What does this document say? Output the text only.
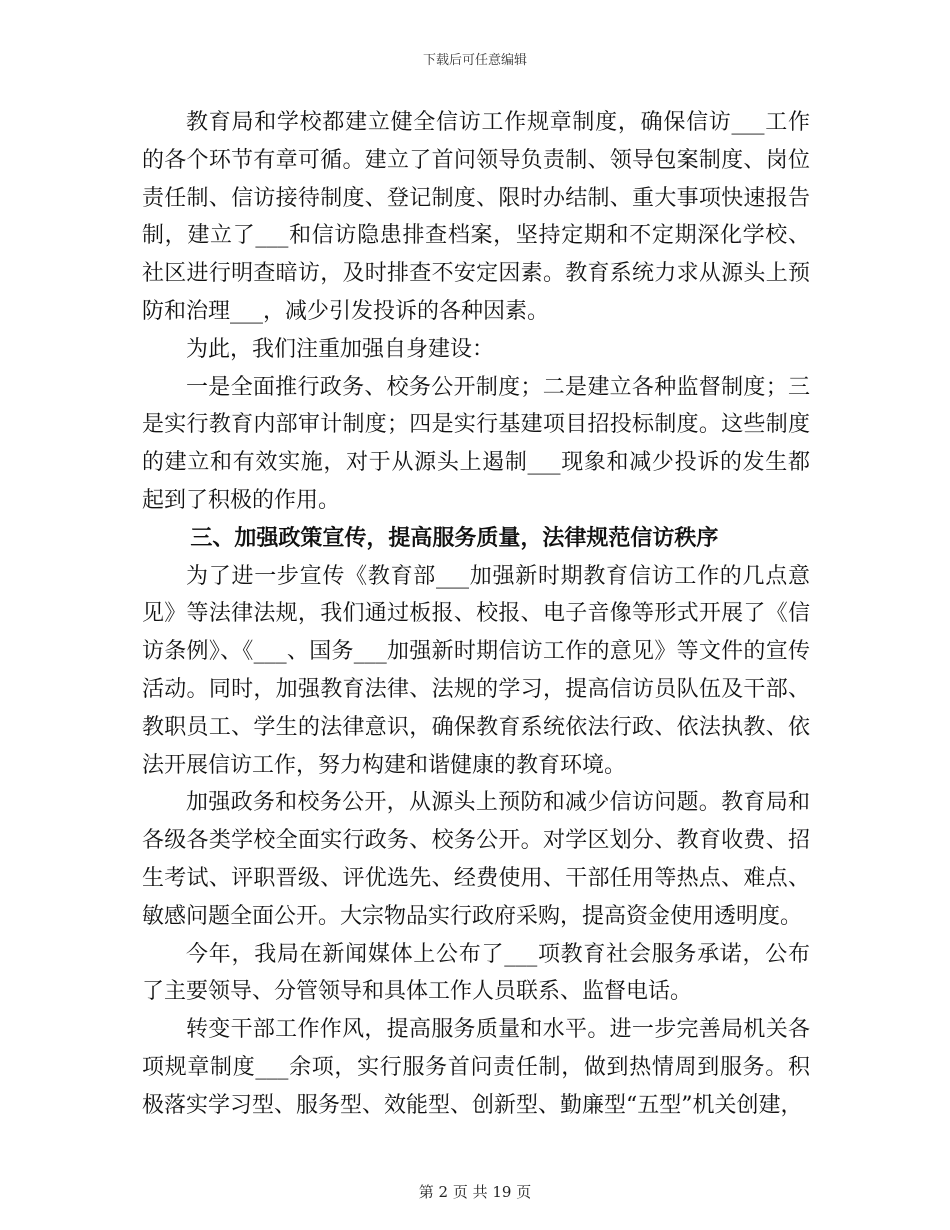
下载后可任意编辑

教育局和学校都建立健全信访工作规章制度，确保信访___工作的各个环节有章可循。建立了首问领导负责制、领导包案制度、岗位责任制、信访接待制度、登记制度、限时办结制、重大事项快速报告制，建立了___和信访隐患排查档案，坚持定期和不定期深化学校、社区进行明查暗访，及时排查不安定因素。教育系统力求从源头上预防和治理___，减少引发投诉的各种因素。

为此，我们注重加强自身建设：

一是全面推行政务、校务公开制度；二是建立各种监督制度；三是实行教育内部审计制度；四是实行基建项目招投标制度。这些制度的建立和有效实施，对于从源头上遏制___现象和减少投诉的发生都起到了积极的作用。

三、加强政策宣传，提高服务质量，法律规范信访秩序

为了进一步宣传《教育部___加强新时期教育信访工作的几点意见》等法律法规，我们通过板报、校报、电子音像等形式开展了《信访条例》、《___、国务___加强新时期信访工作的意见》等文件的宣传活动。同时，加强教育法律、法规的学习，提高信访员队伍及干部、教职员工、学生的法律意识，确保教育系统依法行政、依法执教、依法开展信访工作，努力构建和谐健康的教育环境。

加强政务和校务公开，从源头上预防和减少信访问题。教育局和各级各类学校全面实行政务、校务公开。对学区划分、教育收费、招生考试、评职晋级、评优选先、经费使用、干部任用等热点、难点、敏感问题全面公开。大宗物品实行政府采购，提高资金使用透明度。

今年，我局在新闻媒体上公布了___项教育社会服务承诺，公布了主要领导、分管领导和具体工作人员联系、监督电话。

转变干部工作作风，提高服务质量和水平。进一步完善局机关各项规章制度___余项，实行服务首问责任制，做到热情周到服务。积极落实学习型、服务型、效能型、创新型、勤廉型“五型”机关创建，

第 2 页 共 19 页
